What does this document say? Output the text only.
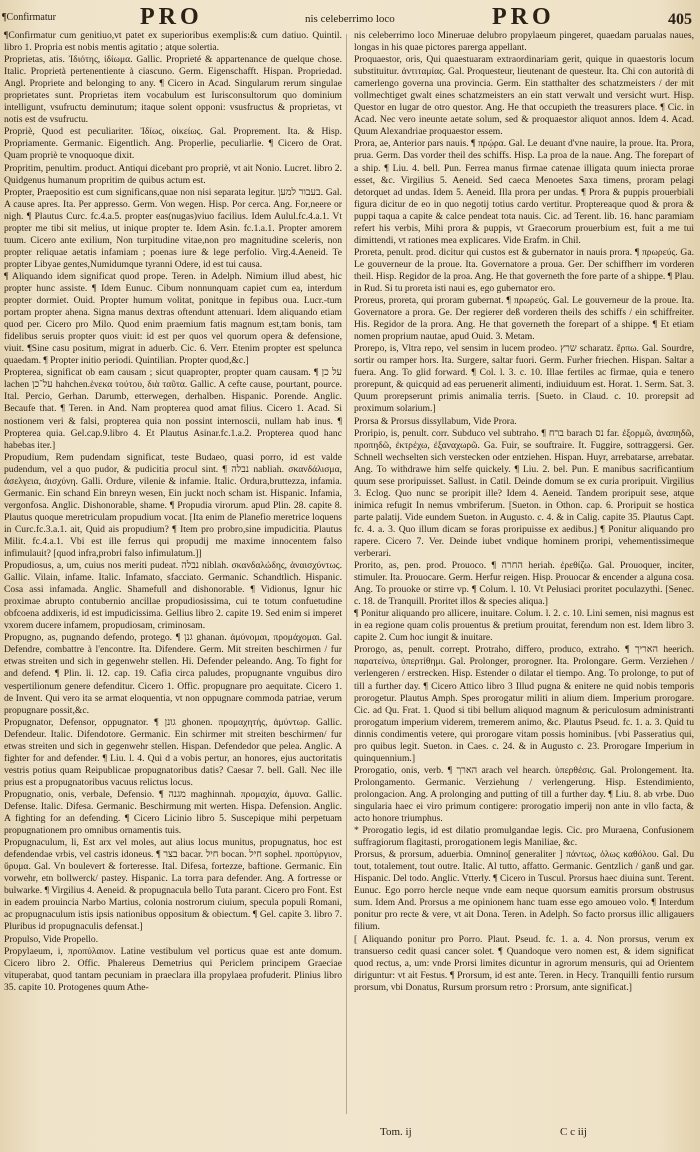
¶Confirmatur	PRO	nis celeberrimo loco	PRO	405

¶Confirmatur cum genitiuo,vt patet ex superioribus exemplis:& cum datiuo. Quintil. libro 1. Propria est nobis mentis agitatio ; atque solertia.

Proprietas, atis. Ἰδιότης, ἰδίωμα. Gallic. Proprieté & appartenance de quelque chose. Italic. Proprietà pertenentiente à ciascuno. Germ. Eigenschafft. Hispan. Propriedad. Angl. Propriete and belonging to any. ¶ Cicero in Acad. Singularum rerum singulae proprietates sunt. Proprietas item vocabulum est Iurisconsultorum quo dominium intelligunt, vsufructu deminutum; itaque solent opponi: vsusfructus & proprietas, vt notis est de vsufructu.

Propriè, Quod est peculiariter. Ἰδίως, οἰκείως. Gal. Proprement. Ita. & Hisp. Propriamente. Germanic. Eigentlich. Ang. Properlie, peculiarlie. ¶ Cicero de Orat. Quam propriè te vnoquoque dixit.

Propritim, penultim. product. Antiqui dicebant pro propriè, vt ait Nonio. Lucret. libro 2. Quidgenus humanum propritim de quibus actum est.

Propter, Praepositio est cum significans,quae non nisi separata legitur. בעבור למען. Gal. A cause apres. Ita. Per appresso. Germ. Von wegen. Hisp. Por cerca. Ang. For,neere or nigh. ¶ Plautus Curc. fc.4.a.5. propter eas(nugas)viuo facilius. Idem Aulul.fc.4.a.1. Vt propter me tibi sit melius, ut inique propter te. Idem Asin. fc.1.a.1. Propter amorem tuum. Cicero ante exilium, Non turpitudine vitae,non pro magnitudine sceleris, non propter reliquae aetatis infamiam ; poenas iure & lege perfolio. Virg.4.Aeneid. Te propter Libyae gentes,Numidumque tyranni Odere, id est tui causa.

¶ Aliquando idem significat quod prope. Teren. in Adelph. Nimium illud abest, hic propter hunc assiste. ¶ Idem Eunuc. Cibum nonnunquam capiet cum ea, interdum propter dormiet. Ouid. Propter humum volitat, ponitque in fepibus oua. Lucr.-tum portam propter ahena. Signa manus dextras oftendunt attenuari. Idem aliquando etiam quod per. Cicero pro Milo. Quod enim praemium fatis magnum est,tam bonis, tam fidelibus seruis propter quos viuit: id est per quos vel quorum opera & defensione, viuit. ¶Sine casu positum, migrat in aduerb. Cic. 6. Verr. Etenim propter est spelunca quaedam. ¶ Propter initio periodi. Quintilian. Propter quod,&c.]

Propterea, significat ob eam causam ; sicut quapropter, propter quam causam. ¶ על כן lachen על־כן hahchen.ἑνεκα τούτου, διὰ ταῦτα. Gallic. A cefte cause, pourtant, pource. Ital. Percio, Gerhan. Darumb, etterwegen, derhalben. Hispanic. Porende. Anglic. Becaufe that. ¶ Teren. in And. Nam propterea quod amat filius. Cicero 1. Acad. Si nostionem veri & falsi, propterea quia non possint internoscii, nullam hab inus. ¶ Propterea quia. Gel.cap.9.libro 4. Et Plautus Asinar.fc.1.a.2. Propterea quod hanc habebas iter.]

Propudium, Rem pudendam significat, teste Budaeo, quasi porro, id est valde pudendum, vel a quo pudor, & pudicitia procul sint. ¶ נבלה nabliah. σκανδάλισμα, ἀσελγεια, ἀισχύνη. Galli. Ordure, vilenie & infamie. Italic. Ordura,bruttezza, infamia. Germanic. Ein schand Ein bnreyn wesen, Ein juckt noch scham ist. Hispanic. Infamia, vergonfosa. Anglic. Dishonorable, shame. ¶ Propudia virorum. apud Plin. 28. capite 8. Plautus quoque meretriculam propudium vocat. [Ita enim de Planefio meretrice loquens in Curc.fc.3.a.1. ait, Quid ais propudium? ¶ Item pro probro,sine impudicitia. Plautus Milit. fc.4.a.1. Vbi est ille ferrus qui propudij me maxime innocentem falso infimulauit? [quod infra,probri falso infimulatum.]]

Propudiosus, a, um, cuius nos meriti pudeat. נבלה niblah. σκανδαλώδης, ἀναισχύντως. Gallic. Vilain, infame. Italic. Infamato, sfacciato. Germanic. Schandtlich. Hispanic. Cosa assi infamada. Anglic. Shamefull and dishonorable. ¶ Vidionus, Ignur hic proximae abrupto contubernio ancillae propudiosissima, cui te totum confuetudine obfcoena addixeris, id est impudicissima. Gellius libro 2. capite 19. Sed enim si imperet vxorem ducere infamem, propudiosam, criminosam.

Propugno, as, pugnando defendo, protego. ¶ גנן ghanan. ἀμύνομαι, προμάχομαι. Gal. Defendre, combattre à l'encontre. Ita. Difendere. Germ. Mit streiten beschirmen / fur etwas streiten und sich in gegenwehr stellen. Hi. Defender peleando. Ang. To fight for and defend. ¶ Plin. li. 12. cap. 19. Cafia circa paludes, propugnante vnguibus diro vespertilionum genere defenditur. Cicero 1. Offic. propugnare pro aequitate. Cicero 1. de Invent. Qui vero ita se armat eloquentia, vt non oppugnare commoda patriae, verum propugnare possit,&c.

Propugnator, Defensor, oppugnator. ¶ גונן ghonen. προμαχητής, ἀμύντωρ. Gallic. Defendeur. Italic. Difendotore. Germanic. Ein schirmer mit streiten beschirmen/ fur etwas streiten und sich in gegenwehr stellen. Hispan. Defendedor que pelea. Anglic. A fighter for and defender. ¶ Liu. l. 4. Qui d a vobis pertur, an honores, ejus auctoritatis vestris potius quam Reipublicae propugnatoribus datis? Caesar 7. bell. Gall. Nec ille prius est a propugnatoribus vacuus relictus locus.

Propugnatio, onis, verbale, Defensio. ¶ מגנה maghinnah. προμαχία, ἀμυνα. Gallic. Defense. Italic. Difesa. Germanic. Beschirmung mit werten. Hispa. Defension. Anglic. A fighting for an defending. ¶ Cicero Licinio libro 5. Suscepique mihi perpetuam propugnationem pro omnibus ornamentis tuis.

Propugnaculum, li, Est arx vel moles, aut alius locus munitus, propugnatus, hoc est defendendae vrbis, vel castris idoneus. ¶ בצר bacar. חיל bocan. חיל sophel. προπύργιον, ὔρυμα. Gal. Vn boulevert & forteresse. Ital. Difesa, fortezze, baftione. Germanic. Ein vorwehr, etn bollwerck/ pastey. Hispanic. La torra para defender. Ang. A fortresse or bulwarke. ¶ Virgilius 4. Aeneid. & propugnacula bello Tuta parant. Cicero pro Font. Est in eadem prouincia Narbo Martius, colonia nostrorum ciuium, specula populi Romani, ac propugnaculum istis ipsis nationibus oppositum & obiectum. ¶ Gel. capite 3. libro 7. Pluribus id propugnaculis defensat.]

Propulso, Vide Propello.

Propylaeum, i, προπύλαιον. Latine vestibulum vel porticus quae est ante domum. Cicero libro 2. Offic. Phalereus Demetrius qui Periclem principem Graeciae vituperabat, quod tantam pecuniam in praeclara illa propylaea profuderit. Plinius libro 35. capite 10. Protogenes quum Athe-

nis celeberrimo loco Mineruae delubro propylaeum pingeret, quaedam parualas naues, longas in his quae pictores parerga appellant.

Proquaestor, oris, Qui quaestuaram extraordinariam gerit, quique in quaestoris locum substituitur. ἀντιταμίας. Gal. Proquesteur, lieutenant de questeur. Ita. Chi con autorità di camerlengo governa una provincia. Germ. Ein statthalter des schatzmeisters / der mit vollmechtiget gwalt eines schatzmeisters an ein statt verwalt und versicht wurt. Hisp. Questor en lugar de otro questor. Ang. He that occupieth the treasurers place. ¶ Cic. in Acad. Nec vero ineunte aetate solum, sed & proquaestor aliquot annos. Idem 4. Acad. Quum Alexandriae proquaestor essem.

Prora, ae, Anterior pars nauis. ¶ πρῴρα. Gal. Le deuant d'vne nauire, la proue. Ita. Prora, prua. Germ. Das vorder theil des schiffs. Hisp. La proa de la naue. Ang. The forepart of a ship. ¶ Liu. 4. bell. Pun. Ferrea manus firmae catenae illigata quum iniecta prorae esset, &c. Virgilius 5. Aeneid. Sed caeca Menoetes Saxa timens, proram pelagi detorquet ad undas. Idem 5. Aeneid. Illa prora per undas. ¶ Prora & puppis prouerbiali figura dicitur de eo in quo negotij totius cardo vertitur. Proptereaque quod & prora & puppi taqua a capite & calce pendeat tota nauis. Cic. ad Terent. lib. 16. hanc paramiam refert his verbis, Mihi prora & puppis, vt Graecorum prouerbium est, fuit a me tui dimittendi, vt rationes mea explicares. Vide Erafm. in Chil.

Proreta, penult. prod. dicitur qui custos est & gubernator in nauis prora. ¶ πρωρεύς. Ga. Le gouverneur de la proue. Ita. Governatore a proua. Ger. Der schiffherr im vorderen theil. Hisp. Regidor de la proa. Ang. He that governeth the fore parte of a shippe. ¶ Plau. in Rud. Si tu proreta isti naui es, ego gubernator ero.

Proreus, proreta, qui proram gubernat. ¶ πρωρεύς. Gal. Le gouverneur de la proue. Ita. Governatore a prora. Ge. Der regierer deß vorderen theils des schiffs / ein schiffreiter. His. Regidor de la prora. Ang. He that governeth the forepart of a shippe. ¶ Et etiam nomen proprium nautae, apud Ouid. 3. Metam.

Prorepo, is, Vltra repo, vel sensim in lucem prodeo. שרץ scharatz. ἕρπω. Gal. Sourdre, sortir ou ramper hors. Ita. Surgere, saltar fuori. Germ. Furher friechen. Hispan. Saltar a fuera. Ang. To glid forward. ¶ Col. l. 3. c. 10. Illae fertiles ac firmae, quia e tenero prorepunt, & quicquid ad eas peruenerit alimenti, indiuiduum est. Horat. 1. Serm. Sat. 3. Quum prorepserunt primis animalia terris. [Sueto. in Claud. c. 10. prorepsit ad proximum solarium.]

Prorsa & Prorsus dissyllabum, Vide Prora.

Proripio, is, penult. corr. Subduco vel subtraho. ¶ ברח barach נס far. ἐξορμῶ, ἀναπηδῶ, προπηδῶ, ἐκτρέχω, ἐξαναχωρῶ. Ga. Fuir, se souftraire. It. Fuggire, sottraggersi. Ger. Schnell wechselten sich verstecken oder entziehen. Hispan. Huyr, arrebatarse, arrebatar. Ang. To withdrawe him selfe quickely. ¶ Liu. 2. bel. Pun. E manibus sacrificantium quum sese proripuisset. Sallust. in Catil. Deinde domum se ex curia proripuit. Virgilius 3. Eclog. Quo nunc se proripit ille? Idem 4. Aeneid. Tandem proripuit sese, atque inimica refugit In nemus vmbriferum. [Sueton. in Othon. cap. 6. Proripuit se hostica parte palatij. Vide eundem Sueton. in Augusto. c. 4. & in Calig. capite 35. Plautus Capt. fc. 4. a. 3. Quo illum dicam se foras proripuisse ex aedibus.] ¶ Ponitur aliquando pro rapere. Cicero 7. Ver. Deinde iubet vndique hominem proripi, vehementissimeque verberari.

Prorito, as, pen. prod. Prouoco. ¶ החרה heriah. ἐρεθίζω. Gal. Prouoquer, inciter, stimuler. Ita. Prouocare. Germ. Herfur reigen. Hisp. Prouocar & encender a alguna cosa. Ang. To prouoke or stirre vp. ¶ Colum. l. 10. Vt Pelusiaci proritet poculazythi. [Senec. c. 18. de Tranquill. Proritet illos & species aliqua.]

¶ Ponitur aliquando pro allicere, inuitare. Colum. l. 2. c. 10. Lini semen, nisi magnus est in ea regione quam colis prouentus & pretium prouitat, ferendum non est. Idem libro 3. capite 2. Cum hoc iungit & inuitare.

Prorogo, as, penult. corrept. Protraho, differo, produco, extraho. ¶ האריך heerich. παρατείνω, ὑπερτίθημι. Gal. Prolonger, prorogner. Ita. Prolongare. Germ. Verziehen / verlengeren / erstrecken. Hisp. Estender o dilatar el tiempo. Ang. To prolonge, to put of till a further day. ¶ Cicero Attico libro 3 Illud pugna & enitere ne quid nobis temporis prorogetur. Plautus Amph. Spes prorogatur militi in alium diem. Imperium prorogare. Cic. ad Qu. Frat. 1. Quod si tibi bellum aliquod magnum & periculosum administranti prorogatum imperium viderem, tremerem animo, &c. Plautus Pseud. fc. 1. a. 3. Quid tu dinnis condimentis vetere, qui prorogare vitam possis hominibus. [vbi Passeratius qui, pro quibus legit. Sueton. in Caes. c. 24. & in Augusto c. 23. Prorogare Imperium in quinquennium.]

Prorogatio, onis, verb. ¶ הארך arach vel hearch. ὑπερθέσις. Gal. Prolongement. Ita. Prolongamento. Germanic. Verziehung / verlengerung. Hisp. Estendimiento, prolongacion. Ang. A prolonging and putting of till a further day. ¶ Liu. 8. ab vrbe. Duo singularia haec ei viro primum contigere: prorogatio imperij non ante in vllo facta, & acto honore triumphus.

* Prorogatio legis, id est dilatio promulgandae legis. Cic. pro Muraena, Confusionem suffragiorum flagitasti, prorogationem legis Maniliae, &c.

Prorsus, & prorsum, aduerbia. Omnino[ generaliter ] πάντως, ὁλως καθόλου. Gal. Du tout, totalement, tout outre. Italic. Al tutto, affatto. Germanic. Gentzlich / ganß und gar. Hispanic. Del todo. Anglic. Vtterly. ¶ Cicero in Tuscul. Prorsus haec diuina sunt. Terent. Eunuc. Ego porro hercle neque vnde eam neque quorsum eamitis prorsum obstrusus sum. Idem And. Prorsus a me opinionem hanc tuam esse ego amoueo volo. ¶ Interdum ponitur pro recte & vere, vt ait Dona. Teren. in Adelph. So facto prorsus illic alligauers filium.

[ Aliquando ponitur pro Porro. Plaut. Pseud. fc. 1. a. 4. Non prorsus, verum ex transuerso cedit quasi cancer solet. ¶ Quandoque vero nomen est, & idem significat quod rectus, a, um: vnde Prorsi limites dicuntur in agrorum mensuris, qui ad Orientem diriguntur: vt ait Festus. ¶ Prorsum, id est ante. Teren. in Hecy. Tranquilli fentio rursum prorsum, vbi Donatus, Rursum prorsum retro : Prorsum, ante significat.]

Tom. ij	C c iij
